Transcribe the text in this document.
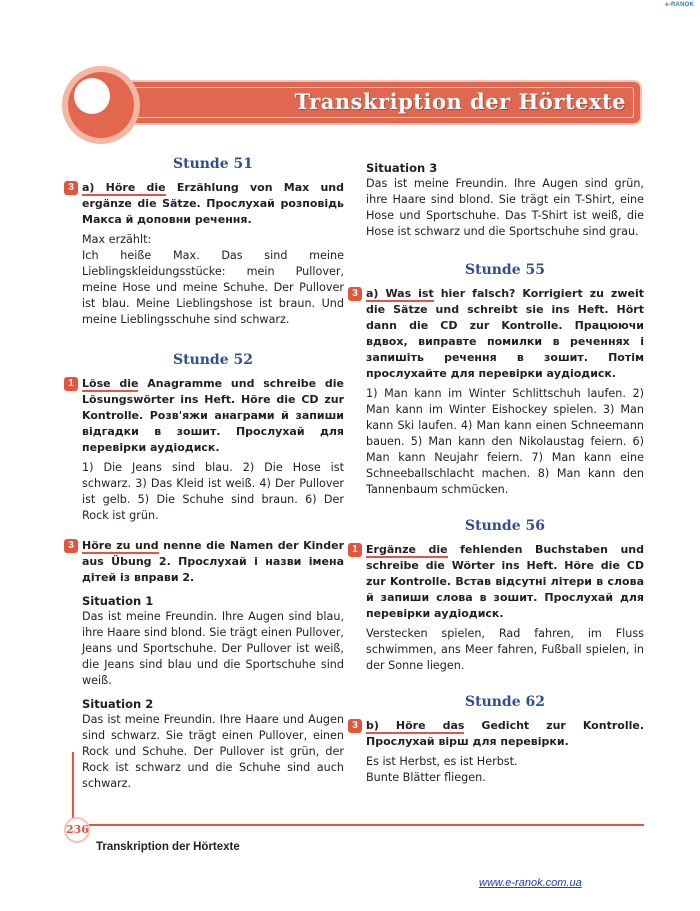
e-RANOK
Transkription der Hörtexte
Stunde 51
3 a) Höre die Erzählung von Max und ergänze die Sätze. Прослухай розповідь Макса й доповни речення.
Max erzählt:
Ich heiße Max. Das sind meine Lieblingskleidungsstücke: mein Pullover, meine Hose und meine Schuhe. Der Pullover ist blau. Meine Lieblingshose ist braun. Und meine Lieblingsschuhe sind schwarz.
Stunde 52
1 Löse die Anagramme und schreibe die Lösungswörter ins Heft. Höre die CD zur Kontrolle. Розв'яжи анаграми й запиши відгадки в зошит. Прослухай для перевірки аудіодиск.
1) Die Jeans sind blau. 2) Die Hose ist schwarz. 3) Das Kleid ist weiß. 4) Der Pullover ist gelb. 5) Die Schuhe sind braun. 6) Der Rock ist grün.
3 Höre zu und nenne die Namen der Kinder aus Übung 2. Прослухай і назви імена дітей із вправи 2.
Situation 1
Das ist meine Freundin. Ihre Augen sind blau, ihre Haare sind blond. Sie trägt einen Pullover, Jeans und Sportschuhe. Der Pullover ist weiß, die Jeans sind blau und die Sportschuhe sind weiß.
Situation 2
Das ist meine Freundin. Ihre Haare und Augen sind schwarz. Sie trägt einen Pullover, einen Rock und Schuhe. Der Pullover ist grün, der Rock ist schwarz und die Schuhe sind auch schwarz.
Situation 3
Das ist meine Freundin. Ihre Augen sind grün, ihre Haare sind blond. Sie trägt ein T-Shirt, eine Hose und Sportschuhe. Das T-Shirt ist weiß, die Hose ist schwarz und die Sportschuhe sind grau.
Stunde 55
3 a) Was ist hier falsch? Korrigiert zu zweit die Sätze und schreibt sie ins Heft. Hört dann die CD zur Kontrolle. Працюючи вдвох, виправте помилки в реченнях і запишіть речення в зошит. Потім прослухайте для перевірки аудіодиск.
1) Man kann im Winter Schlittschuh laufen. 2) Man kann im Winter Eishockey spielen. 3) Man kann Ski laufen. 4) Man kann einen Schneemann bauen. 5) Man kann den Nikolaustag feiern. 6) Man kann Neujahr feiern. 7) Man kann eine Schneeballschlacht machen. 8) Man kann den Tannenbaum schmücken.
Stunde 56
1 Ergänze die fehlenden Buchstaben und schreibe die Wörter ins Heft. Höre die CD zur Kontrolle. Встав відсутні літери в слова й запиши слова в зошит. Прослухай для перевірки аудіодиск.
Verstecken spielen, Rad fahren, im Fluss schwimmen, ans Meer fahren, Fußball spielen, in der Sonne liegen.
Stunde 62
3 b) Höre das Gedicht zur Kontrolle. Прослухай вірш для перевірки.
Es ist Herbst, es ist Herbst.
Bunte Blätter fliegen.
236
Transkription der Hörtexte
www.e-ranok.com.ua
